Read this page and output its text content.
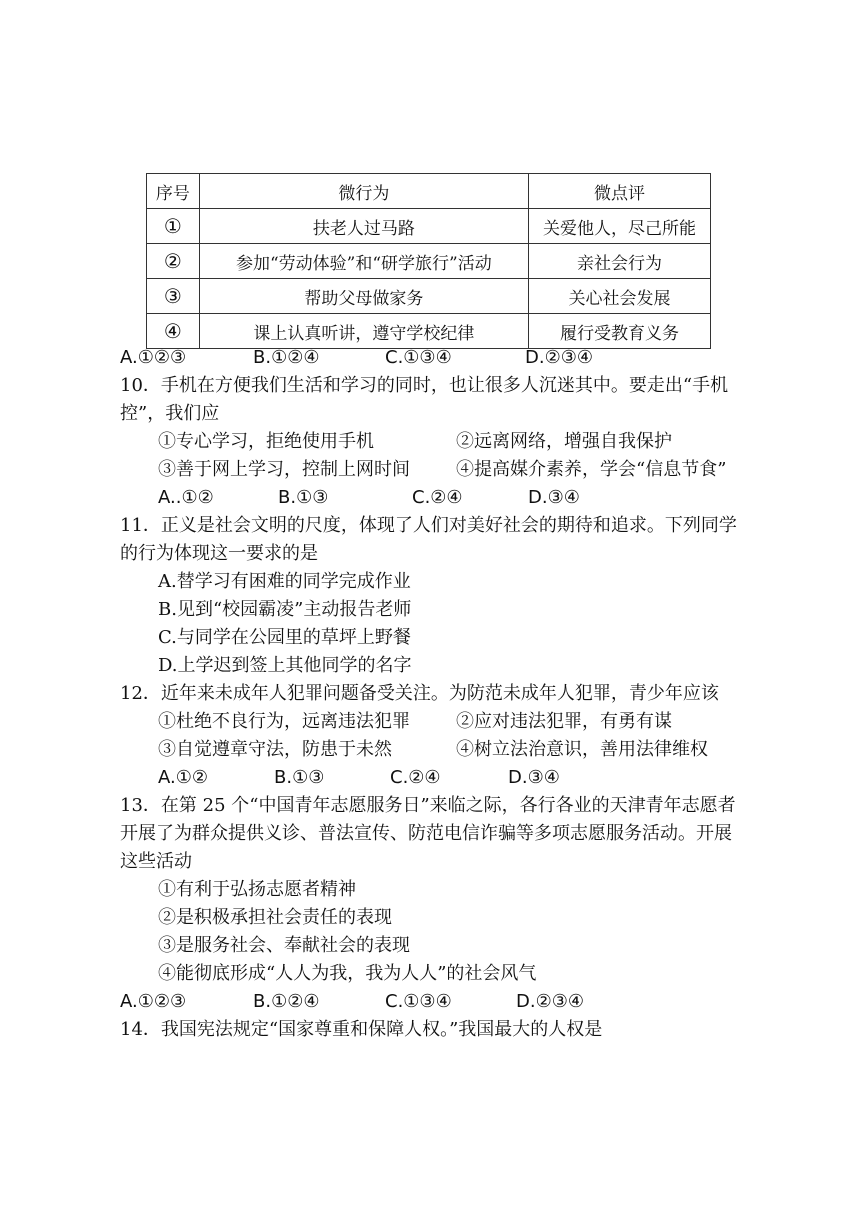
序号	微行为	微点评
①	扶老人过马路	关爱他人，尽己所能
②	参加“劳动体验”和“研学旅行”活动	亲社会行为
③	帮助父母做家务	关心社会发展
④	课上认真听讲，遵守学校纪律	履行受教育义务
A.①②③	B.①②④	C.①③④	D.②③④
10．手机在方便我们生活和学习的同时，也让很多人沉迷其中。要走出“手机
控”，我们应
①专心学习，拒绝使用手机	②远离网络，增强自我保护
③善于网上学习，控制上网时间	④提高媒介素养，学会“信息节食”
A..①②	B.①③	C.②④	D.③④
11．正义是社会文明的尺度，体现了人们对美好社会的期待和追求。下列同学
的行为体现这一要求的是
A.替学习有困难的同学完成作业
B.见到“校园霸凌”主动报告老师
C.与同学在公园里的草坪上野餐
D.上学迟到签上其他同学的名字
12．近年来未成年人犯罪问题备受关注。为防范未成年人犯罪，青少年应该
①杜绝不良行为，远离违法犯罪	②应对违法犯罪，有勇有谋
③自觉遵章守法，防患于未然	④树立法治意识，善用法律维权
A.①②	B.①③	C.②④	D.③④
13．在第 25 个“中国青年志愿服务日”来临之际，各行各业的天津青年志愿者
开展了为群众提供义诊、普法宣传、防范电信诈骗等多项志愿服务活动。开展
这些活动
①有利于弘扬志愿者精神
②是积极承担社会责任的表现
③是服务社会、奉献社会的表现
④能彻底形成“人人为我，我为人人”的社会风气
A.①②③	B.①②④	C.①③④	D.②③④
14．我国宪法规定“国家尊重和保障人权。”我国最大的人权是
